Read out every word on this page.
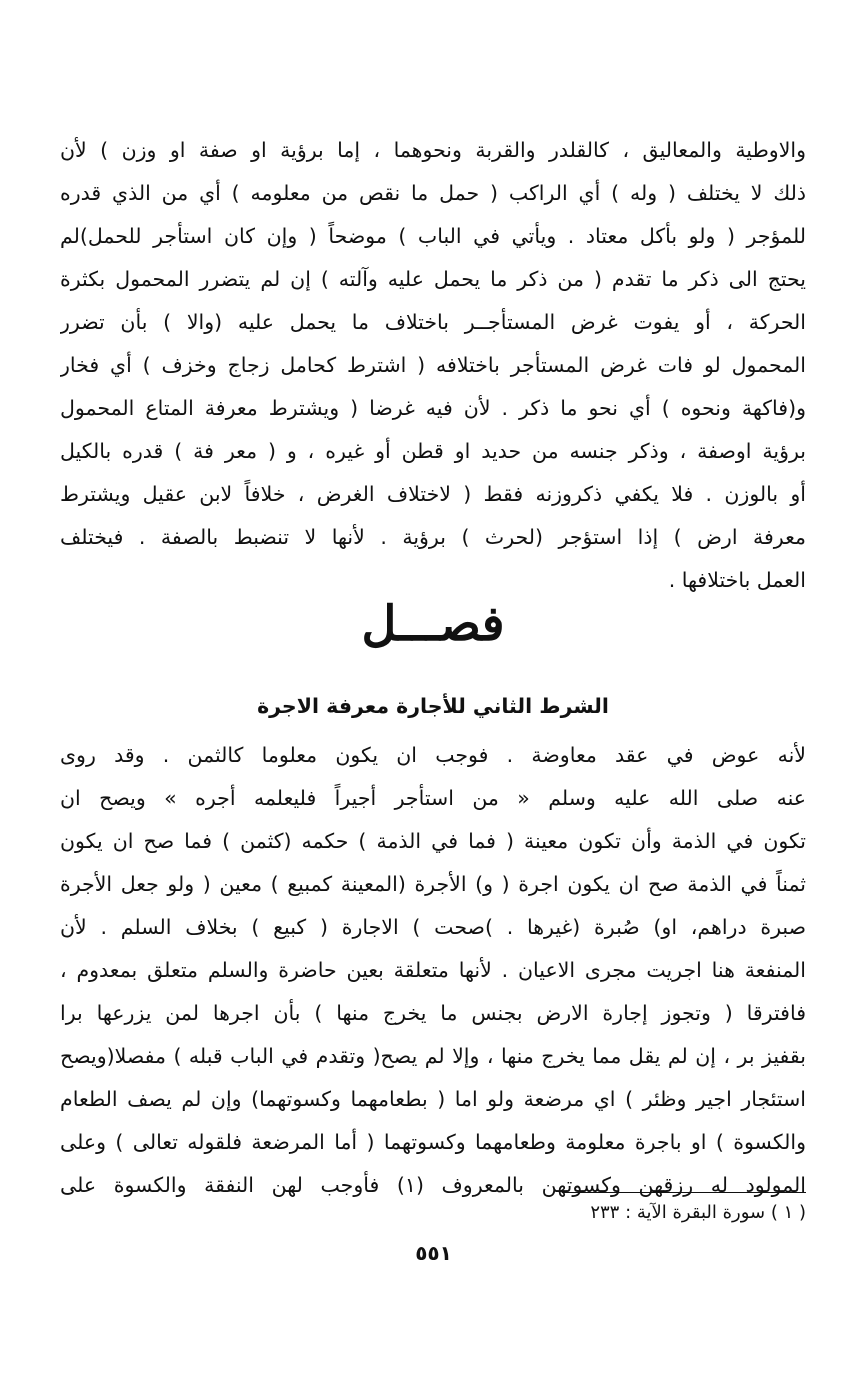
والاوطية والمعاليق ، كالقلدر والقربة ونحوهما ، إما برؤية او صفة او وزن ) لأن
ذلك لا يختلف ( وله ) أي الراكب ( حمل ما نقص من معلومه ) أي من الذي قدره
للمؤجر ( ولو بأكل معتاد . ويأتي في الباب ) موضحاً ( وإن كان استأجر للحمل)لم
يحتج الى ذكر ما تقدم ( من ذكر ما يحمل عليه وآلته ) إن لم يتضرر المحمول بكثرة
الحركة ، أو يفوت غرض المستأجــر باختلاف ما يحمل عليه (والا ) بأن تضرر
المحمول لو فات غرض المستأجر باختلافه ( اشترط كحامل زجاج وخزف ) أي فخار
و(فاكهة ونحوه ) أي نحو ما ذكر . لأن فيه غرضا ( ويشترط معرفة المتاع المحمول
برؤية اوصفة ، وذكر جنسه من حديد او قطن أو غيره ، و ( معر فة ) قدره بالكيل
أو بالوزن . فلا يكفي ذكروزنه فقط ( لاختلاف الغرض ، خلافاً لابن عقيل ويشترط
معرفة ارض ) إذا استؤجر (لحرث ) برؤية . لأنها لا تنضبط بالصفة . فيختلف
العمل باختلافها .
فصـــل
الشرط الثاني للأجارة معرفة الاجرة
لأنه عوض في عقد معاوضة . فوجب ان يكون معلوما كالثمن . وقد روى
عنه صلى الله عليه وسلم « من استأجر أجيراً فليعلمه أجره » ويصح ان
تكون في الذمة وأن تكون معينة ( فما في الذمة ) حكمه (كثمن ) فما صح ان يكون
ثمناً في الذمة صح ان يكون اجرة ( و) الأجرة (المعينة كمبيع ) معين ( ولو جعل الأجرة
صبرة دراهم، او) صُبرة (غيرها . )صحت ) الاجارة ( كبيع ) بخلاف السلم . لأن
المنفعة هنا اجريت مجرى الاعيان . لأنها متعلقة بعين حاضرة والسلم متعلق بمعدوم ،
فافترقا ( وتجوز إجارة الارض بجنس ما يخرج منها ) بأن اجرها لمن يزرعها برا
بقفيز بر ، إن لم يقل مما يخرج منها ، وإلا لم يصح( وتقدم في الباب قبله ) مفصلا(ويصح
استئجار اجير وظئر ) اي مرضعة ولو اما ( بطعامهما وكسوتهما) وإن لم يصف الطعام
والكسوة ) او باجرة معلومة وطعامهما وكسوتهما ( أما المرضعة فلقوله تعالى ) وعلى
المولود له رزقهن وكسوتهن بالمعروف (١) فأوجب لهن النفقة والكسوة على

( ١ ) سورة البقرة الآية : ٢٣٣

٥٥١
